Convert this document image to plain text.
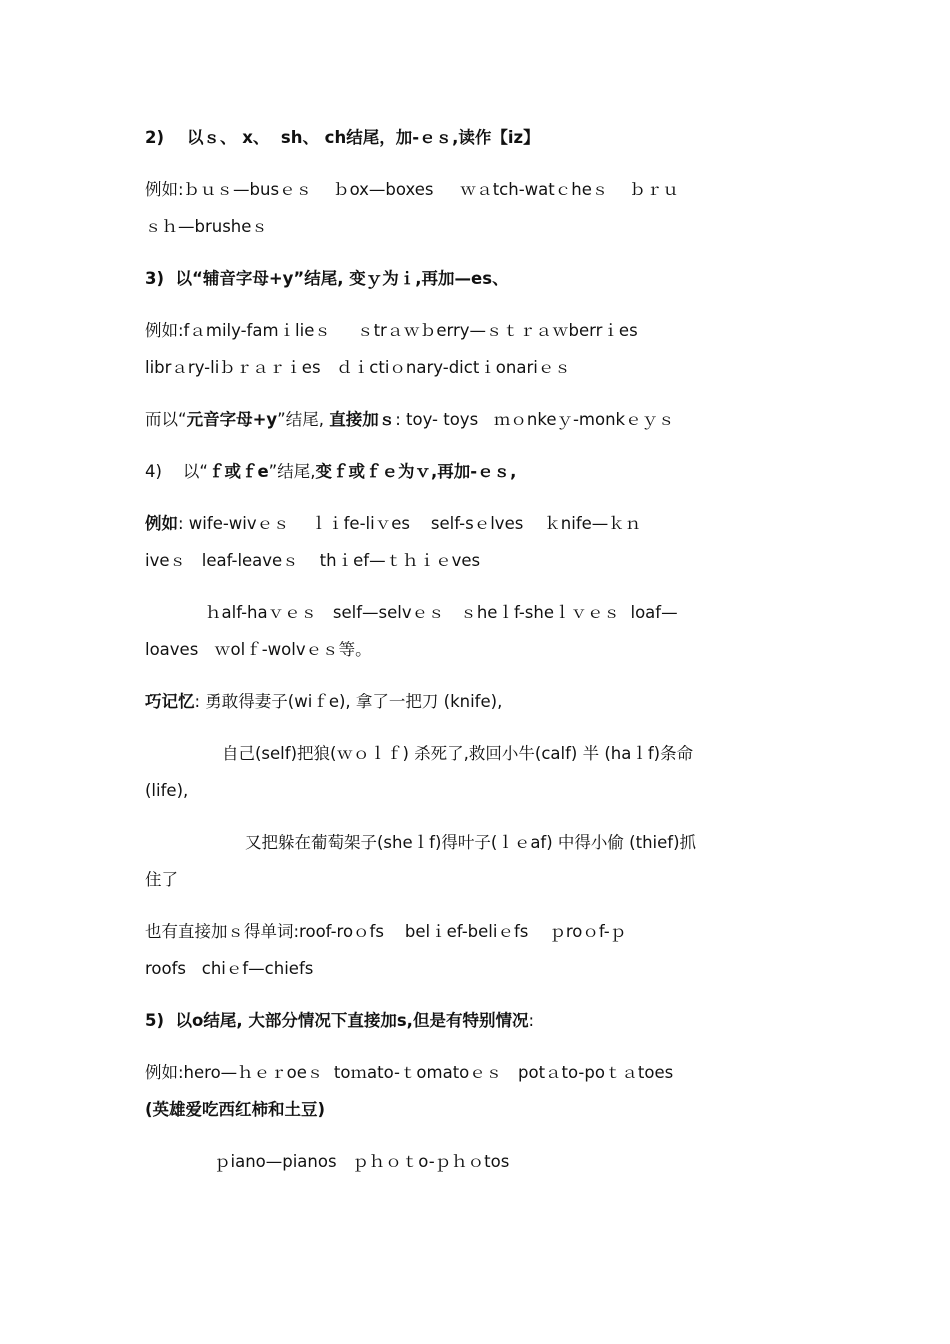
2)    以ｓ、 x、  sh、 ch结尾，加-ｅｓ,读作【iz】
例如:ｂｕｓ—busｅｓ    ｂox—boxes     ｗａtch-watｃheｓ    ｂｒｕ
ｓｈ—brusheｓ
3)  以“辅音字母+y”结尾, 变ｙ为ｉ,再加—es、
例如:fａmily-famｉlieｓ     ｓtrａｗｂerry—ｓｔｒａｗberrｉes
librａry-liｂｒａｒｉes   ｄｉctiｏnary-dictｉonariｅｓ
而以“元音字母+y”结尾, 直接加ｓ: toy- toys   ｍｏnkeｙ-monkｅｙｓ
4)    以“ｆ或ｆe”结尾,变ｆ或ｆｅ为ｖ,再加-ｅｓ,
例如: wife-wivｅｓ    ｌｉfe-liｖes    self-sｅlves    ｋnife—ｋｎ
iveｓ   leaf-leaveｓ    thｉef—ｔｈｉｅves
ｈalf-haｖｅｓ   self—selvｅｓ   ｓheｌf-sheｌｖｅｓ  loaf—
loaves   ｗolｆ-wolvｅｓ等。
巧记忆: 勇敢得妻子(wiｆe), 拿了一把刀 (knife),
自己(self)把狼(ｗｏｌｆ) 杀死了,救回小牛(calf) 半 (haｌf)条命
(life),
又把躲在葡萄架子(sheｌf)得叶子(ｌｅaf) 中得小偷 (thief)抓
住了
也有直接加ｓ得单词:roof-roｏfs    belｉef-beliｅfs    ｐroｏf-ｐ
roofs   chiｅf—chiefs
5)  以o结尾, 大部分情况下直接加s,但是有特别情况:
例如:hero—ｈｅｒoeｓ  toｍato-ｔomatoｅｓ   potａto-poｔａtoes
(英雄爱吃西红柿和土豆)
ｐiano—pianos   ｐｈｏｔo-ｐｈｏtos
